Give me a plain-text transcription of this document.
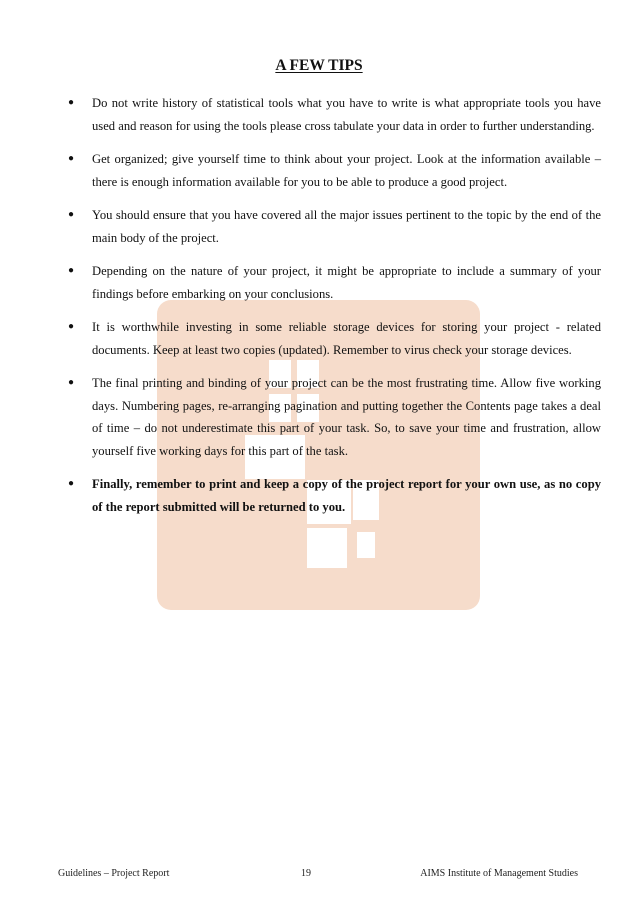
A FEW TIPS
● Do not write history of statistical tools what you have to write is what appropriate tools you have used and reason for using the tools please cross tabulate your data in order to further understanding.
● Get organized; give yourself time to think about your project. Look at the information available – there is enough information available for you to be able to produce a good project.
● You should ensure that you have covered all the major issues pertinent to the topic by the end of the main body of the project.
● Depending on the nature of your project, it might be appropriate to include a summary of your findings before embarking on your conclusions.
● It is worthwhile investing in some reliable storage devices for storing your project - related documents. Keep at least two copies (updated). Remember to virus check your storage devices.
● The final printing and binding of your project can be the most frustrating time. Allow five working days. Numbering pages, re-arranging pagination and putting together the Contents page takes a deal of time – do not underestimate this part of your task. So, to save your time and frustration, allow yourself five working days for this part of the task.
● Finally, remember to print and keep a copy of the project report for your own use, as no copy of the report submitted will be returned to you.
Guidelines – Project Report	19	AIMS Institute of Management Studies
